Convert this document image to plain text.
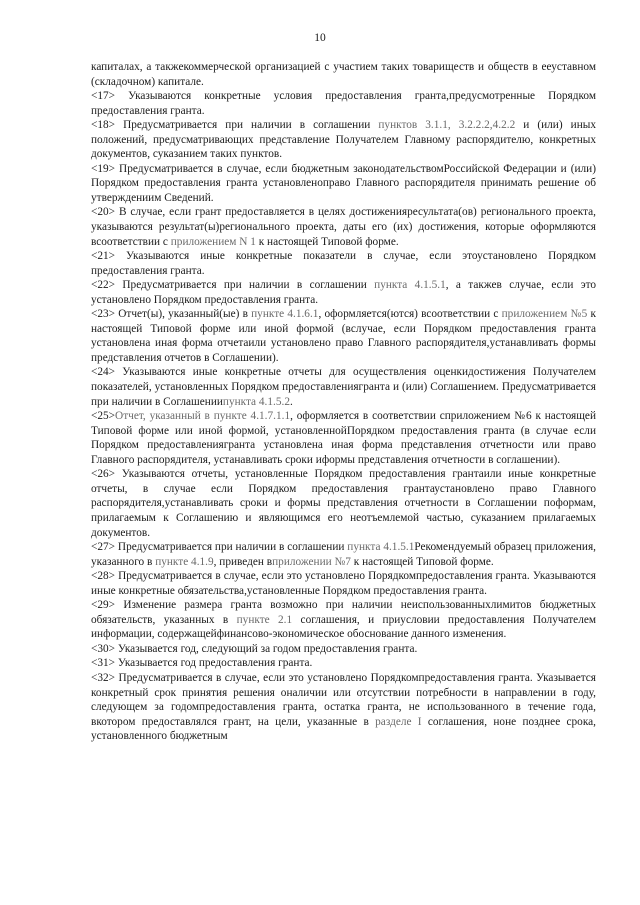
10

капиталах, а такжекоммерческой организацией с участием таких товариществ и обществ в ееуставном (складочном) капитале.

<17> Указываются конкретные условия предоставления гранта,предусмотренные Порядком предоставления гранта.

<18> Предусматривается при наличии в соглашении пунктов 3.1.1, 3.2.2.2,4.2.2 и (или) иных положений, предусматривающих представление Получателем Главному распорядителю, конкретных документов, суказанием таких пунктов.

<19> Предусматривается в случае, если бюджетным законодательствомРоссийской Федерации и (или) Порядком предоставления гранта установленоправо Главного распорядителя принимать решение об утверждениим Сведений.

<20> В случае, если грант предоставляется в целях достиженияресультата(ов) регионального проекта, указываются результат(ы)регионального проекта, даты его (их) достижения, которые оформляются всоответствии с приложением N 1 к настоящей Типовой форме.

<21> Указываются иные конкретные показатели в случае, если этоустановлено Порядком предоставления гранта.

<22> Предусматривается при наличии в соглашении пункта 4.1.5.1, а такжев случае, если это установлено Порядком предоставления гранта.

<23> Отчет(ы), указанный(ые) в пункте 4.1.6.1, оформляется(ются) всоответствии с приложением №5 к настоящей Типовой форме или иной формой (вслучае, если Порядком предоставления гранта установлена иная форма отчетаили установлено право Главного распорядителя,устанавливать формы представления отчетов в Соглашении).

<24> Указываются иные конкретные отчеты для осуществления оценкидостижения Получателем показателей, установленных Порядком предоставлениягранта и (или) Соглашением. Предусматривается при наличии в Соглашениипункта 4.1.5.2.

<25>Отчет, указанный в пункте 4.1.7.1.1, оформляется в соответствии сприложением №6 к настоящей Типовой форме или иной формой, установленнойПорядком предоставления гранта (в случае если Порядком предоставлениягранта установлена иная форма представления отчетности или право Главного распорядителя, устанавливать сроки иформы представления отчетности в соглашении).

<26> Указываются отчеты, установленные Порядком предоставления грантаили иные конкретные отчеты, в случае если Порядком предоставления грантаустановлено право Главного распорядителя,устанавливать сроки и формы представления отчетности в Соглашении поформам, прилагаемым к Соглашению и являющимся его неотъемлемой частью, суказанием прилагаемых документов.

<27> Предусматривается при наличии в соглашении пункта 4.1.5.1Рекомендуемый образец приложения, указанного в пункте 4.1.9, приведен вприложении №7 к настоящей Типовой форме.

<28> Предусматривается в случае, если это установлено Порядкомпредоставления гранта. Указываются иные конкретные обязательства,установленные Порядком предоставления гранта.

<29> Изменение размера гранта возможно при наличии неиспользованныхлимитов бюджетных обязательств, указанных в пункте 2.1 соглашения, и приусловии предоставления Получателем информации, содержащейфинансово-экономическое обоснование данного изменения.

<30> Указывается год, следующий за годом предоставления гранта.

<31> Указывается год предоставления гранта.

<32> Предусматривается в случае, если это установлено Порядкомпредоставления гранта. Указывается конкретный срок принятия решения оналичии или отсутствии потребности в направлении в году, следующем за годомпредоставления гранта, остатка гранта, не использованного в течение года, вкотором предоставлялся грант, на цели, указанные в разделе I соглашения, ноне позднее срока, установленного бюджетным
